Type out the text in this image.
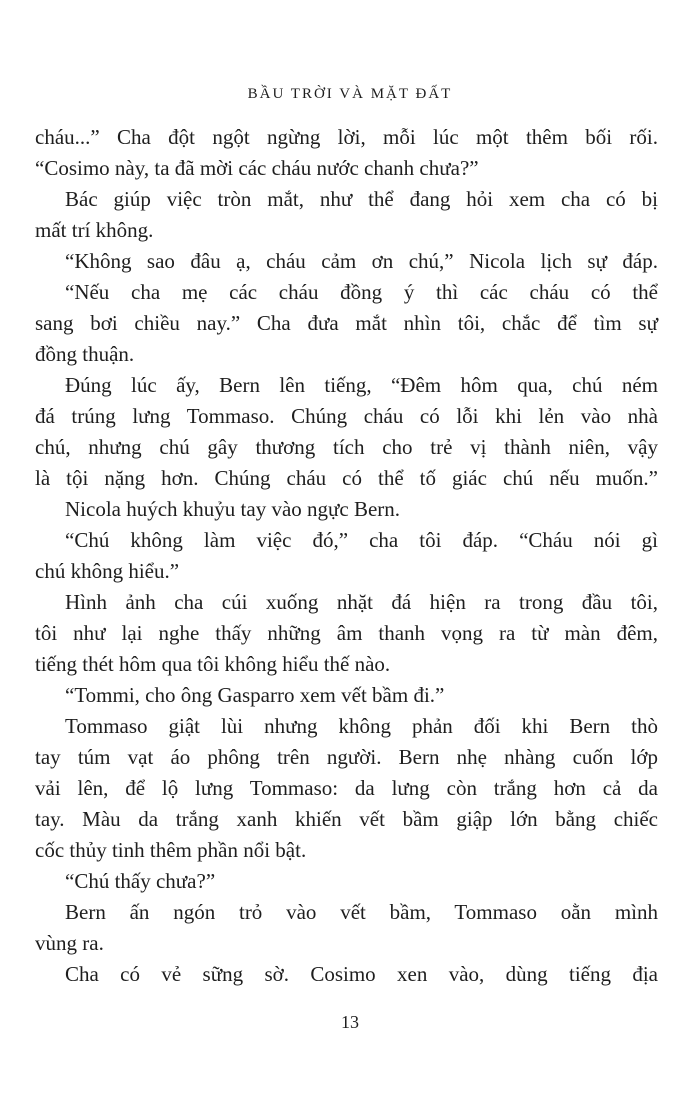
BẦU TRỜI VÀ MẶT ĐẤT
cháu...” Cha đột ngột ngừng lời, mỗi lúc một thêm bối rối.
“Cosimo này, ta đã mời các cháu nước chanh chưa?”
Bác giúp việc tròn mắt, như thể đang hỏi xem cha có bị
mất trí không.
“Không sao đâu ạ, cháu cảm ơn chú,” Nicola lịch sự đáp.
“Nếu cha mẹ các cháu đồng ý thì các cháu có thể
sang bơi chiều nay.” Cha đưa mắt nhìn tôi, chắc để tìm sự
đồng thuận.
Đúng lúc ấy, Bern lên tiếng, “Đêm hôm qua, chú ném
đá trúng lưng Tommaso. Chúng cháu có lỗi khi lẻn vào nhà
chú, nhưng chú gây thương tích cho trẻ vị thành niên, vậy
là tội nặng hơn. Chúng cháu có thể tố giác chú nếu muốn.”
Nicola huých khuỷu tay vào ngực Bern.
“Chú không làm việc đó,” cha tôi đáp. “Cháu nói gì
chú không hiểu.”
Hình ảnh cha cúi xuống nhặt đá hiện ra trong đầu tôi,
tôi như lại nghe thấy những âm thanh vọng ra từ màn đêm,
tiếng thét hôm qua tôi không hiểu thế nào.
“Tommi, cho ông Gasparro xem vết bầm đi.”
Tommaso giật lùi nhưng không phản đối khi Bern thò
tay túm vạt áo phông trên người. Bern nhẹ nhàng cuốn lớp
vải lên, để lộ lưng Tommaso: da lưng còn trắng hơn cả da
tay. Màu da trắng xanh khiến vết bầm giập lớn bằng chiếc
cốc thủy tinh thêm phần nổi bật.
“Chú thấy chưa?”
Bern ấn ngón trỏ vào vết bầm, Tommaso oằn mình
vùng ra.
Cha có vẻ sững sờ. Cosimo xen vào, dùng tiếng địa
13
